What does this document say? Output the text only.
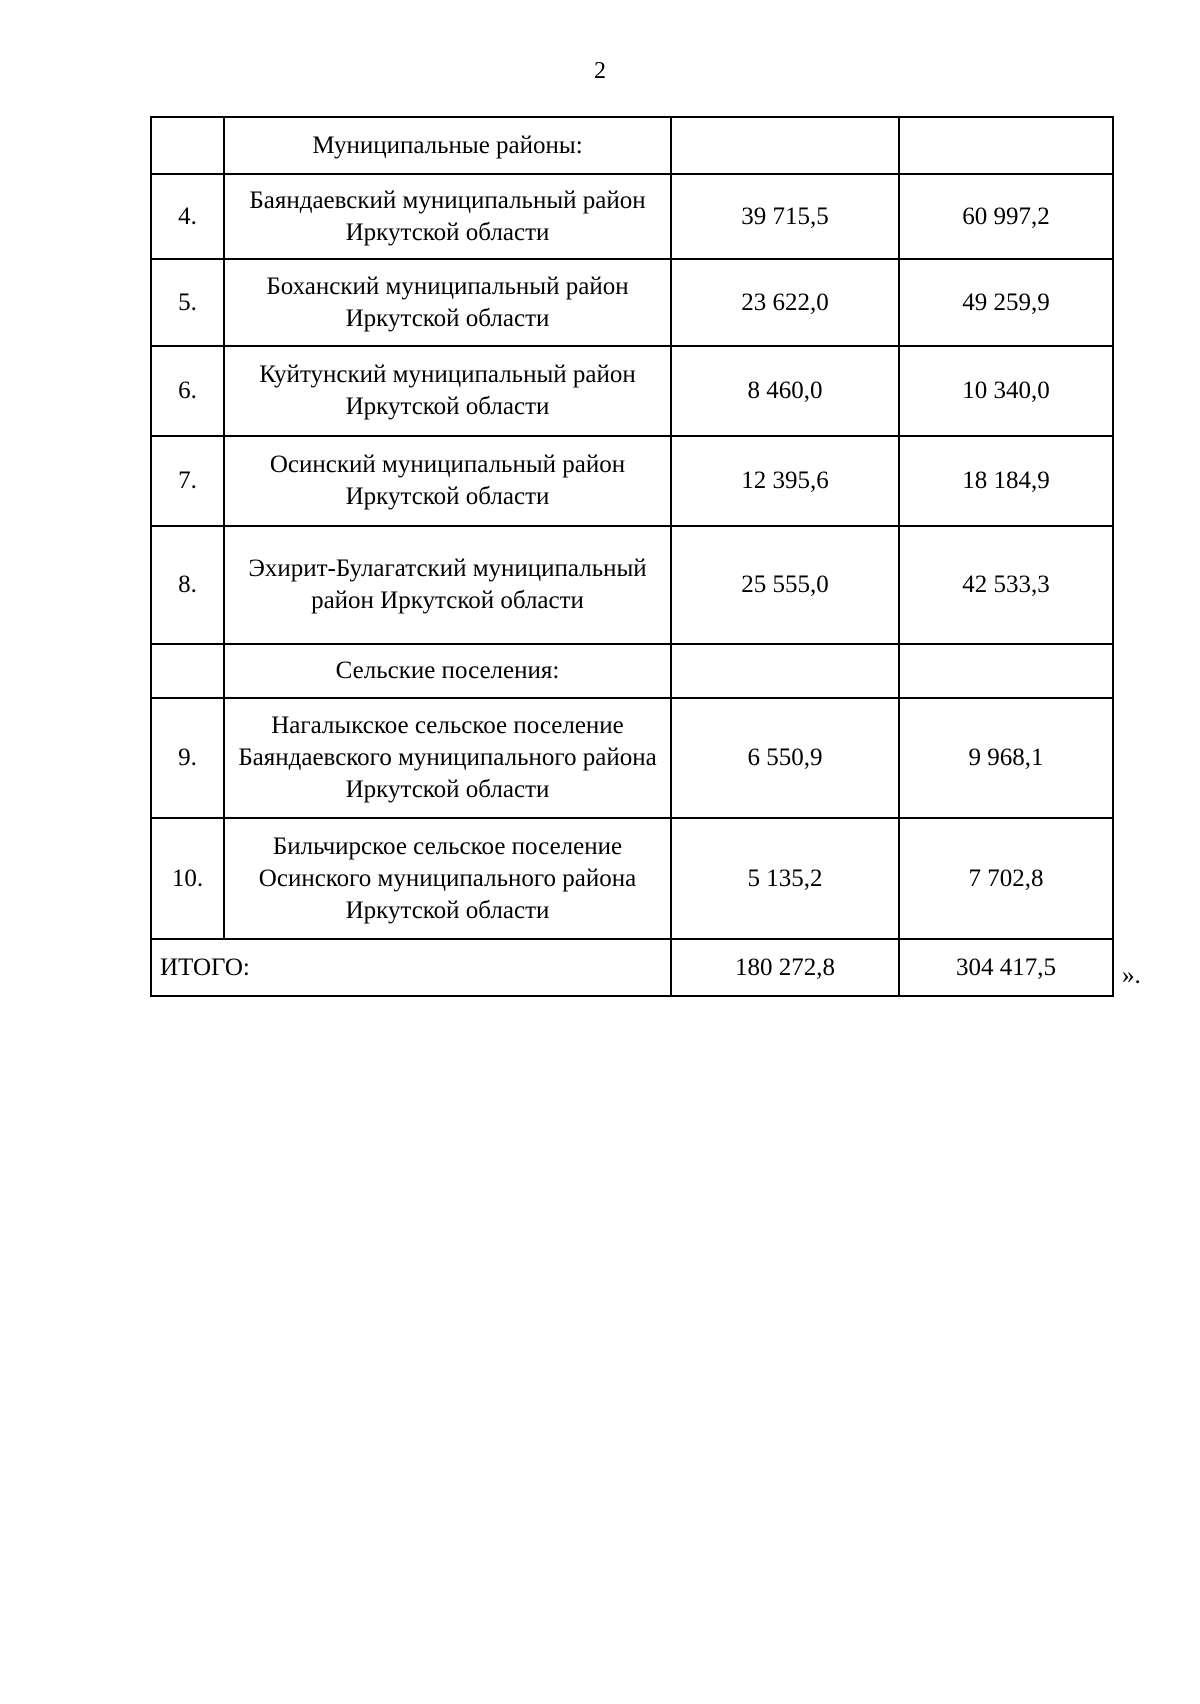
2
	Муниципальные районы:		
4.	Баяндаевский муниципальный район Иркутской области	39 715,5	60 997,2
5.	Боханский муниципальный район Иркутской области	23 622,0	49 259,9
6.	Куйтунский муниципальный район Иркутской области	8 460,0	10 340,0
7.	Осинский муниципальный район Иркутской области	12 395,6	18 184,9
8.	Эхирит-Булагатский муниципальный район Иркутской области	25 555,0	42 533,3
	Сельские поселения:		
9.	Нагалыкское сельское поселение Баяндаевского муниципального района Иркутской области	6 550,9	9 968,1
10.	Бильчирское сельское поселение Осинского муниципального района Иркутской области	5 135,2	7 702,8
ИТОГО:		180 272,8	304 417,5	».
